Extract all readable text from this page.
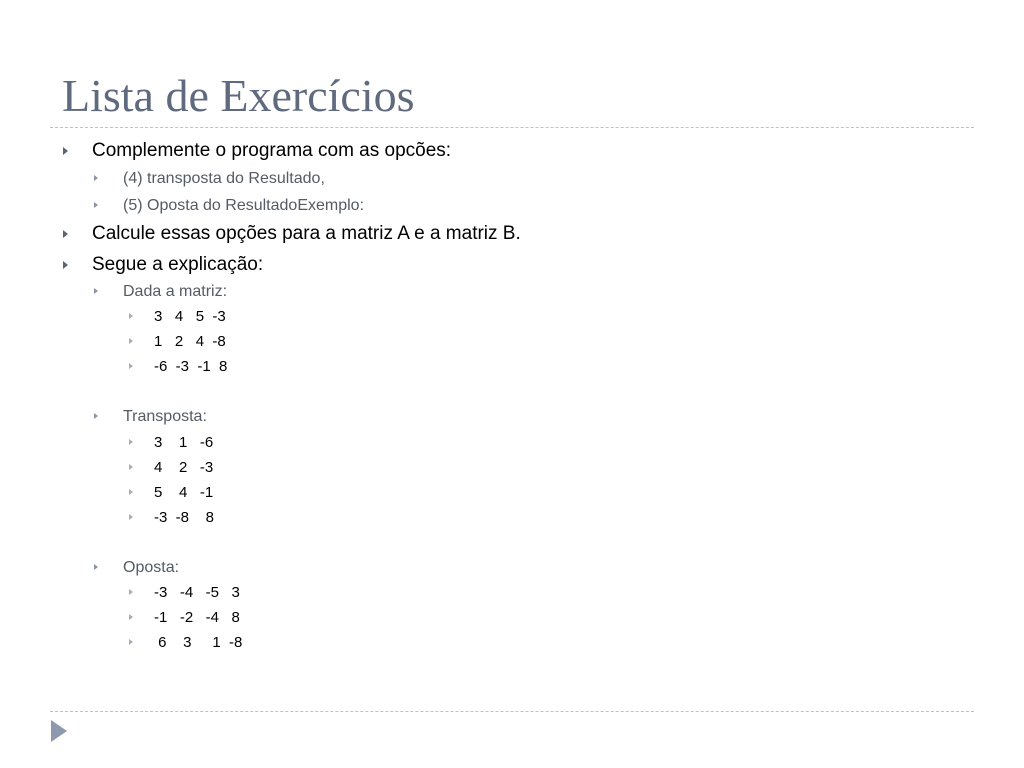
Lista de Exercícios
Complemente o programa com as opcões:
(4) transposta do Resultado,
(5) Oposta do ResultadoExemplo:
Calcule essas opções para a matriz A e a matriz B.
Segue a explicação:
Dada a matriz:
3   4   5  -3
1   2   4  -8
-6  -3  -1  8
Transposta:
3    1   -6
4    2   -3
5    4   -1
-3  -8    8
Oposta:
-3   -4   -5   3
-1   -2   -4   8
6    3     1  -8
